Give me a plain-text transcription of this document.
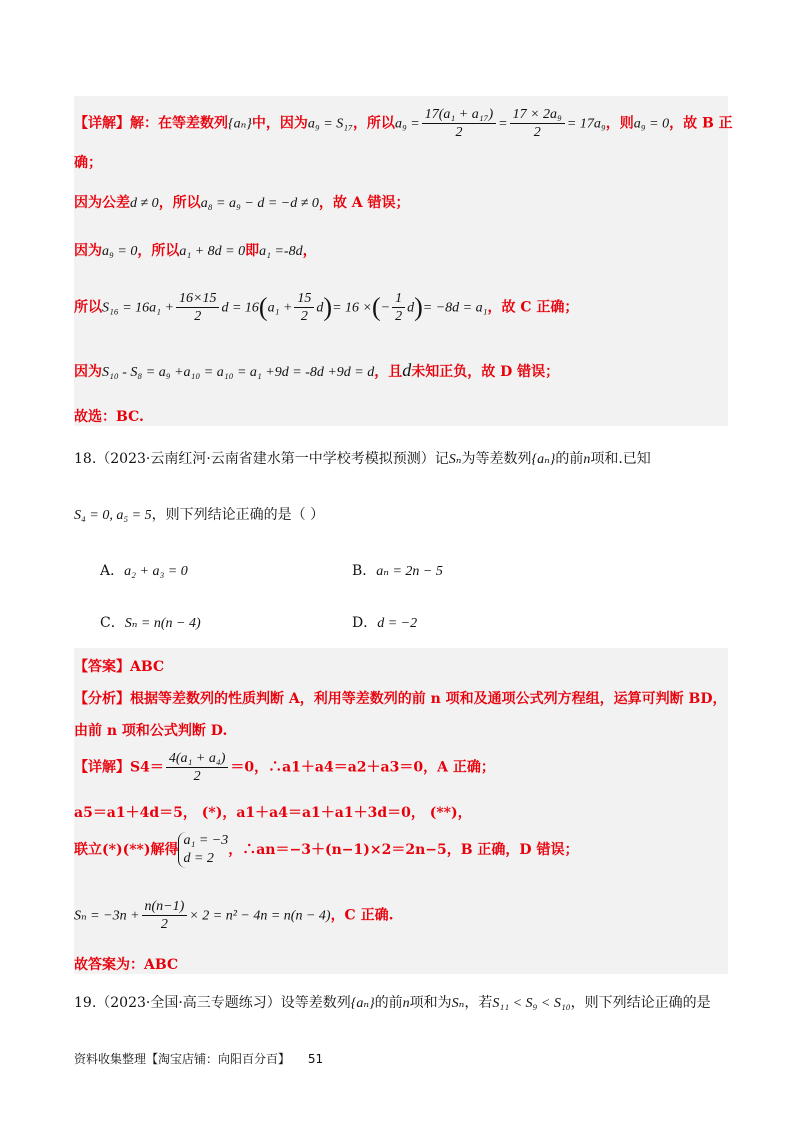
【详解】解：在等差数列{aₙ}中，因为a₉ = S₁₇，所以$a_9 = \frac{\text{17(a₁ + a₁₇)}}{2} = \frac{\text{17 × 2a₉}}{2} = 17a_9$，则a₉ = 0，故 B 正
确；
因为公差d ≠ 0，所以a₈ = a₉ − d = −d ≠ 0，故 A 错误；
因为a₉ = 0，所以a₁ + 8d = 0即a₁ =-8d，
所以$S_{16} = 16a_1 + \frac{16\times 15}{2}$ $d = 16(a_1 + \frac{15}{2} d)= 16$ ×(− $\frac{1}{2} d)= -8d = a_1$，故 C 正确；
因为S₁₀ - S₈ = a₉ +a₁₀ = a₁₀ = a₁ +9d = -8d +9d = d，且d未知正负，故 D 错误；
故选：BC.
18.（2023·云南红河·云南省建水第一中学校考模拟预测）记Sₙ为等差数列{aₙ}的前n项和.已知
S₄ = 0, a₅ = 5，则下列结论正确的是（ ）
A．a₂ + a₃ = 0	B．aₙ = 2n − 5
C．Sₙ = n(n − 4)	D．d = −2
【答案】ABC
【分析】根据等差数列的性质判断 A，利用等差数列的前 n 项和及通项公式列方程组，运算可判断 BD，
由前 n 项和公式判断 D.
【详解】$S4= \frac{\text{4(a₁ + a₄)}}{2} =0$，∴a1＋a4＝a2＋a3＝0，A 正确；
a5＝a1＋4d＝5， (*)，a1＋a4＝a1＋a1＋3d＝0， (**)，
联立(*)(**)解得
a₁ = −3
d = 2
，∴an＝−3＋(n−1)×2＝2n−5，B 正确，D 错误；
$S_n = -3n + \frac{n(n-1)}{2} \times 2 = n^2 - 4n = n(n - 4)$，C 正确.
故答案为：ABC
19.（2023·全国·高三专题练习）设等差数列{aₙ}的前n项和为Sₙ，若S₁₁ < S₉ < S₁₀，则下列结论正确的是
资料收集整理【淘宝店铺：向阳百分百】 51
